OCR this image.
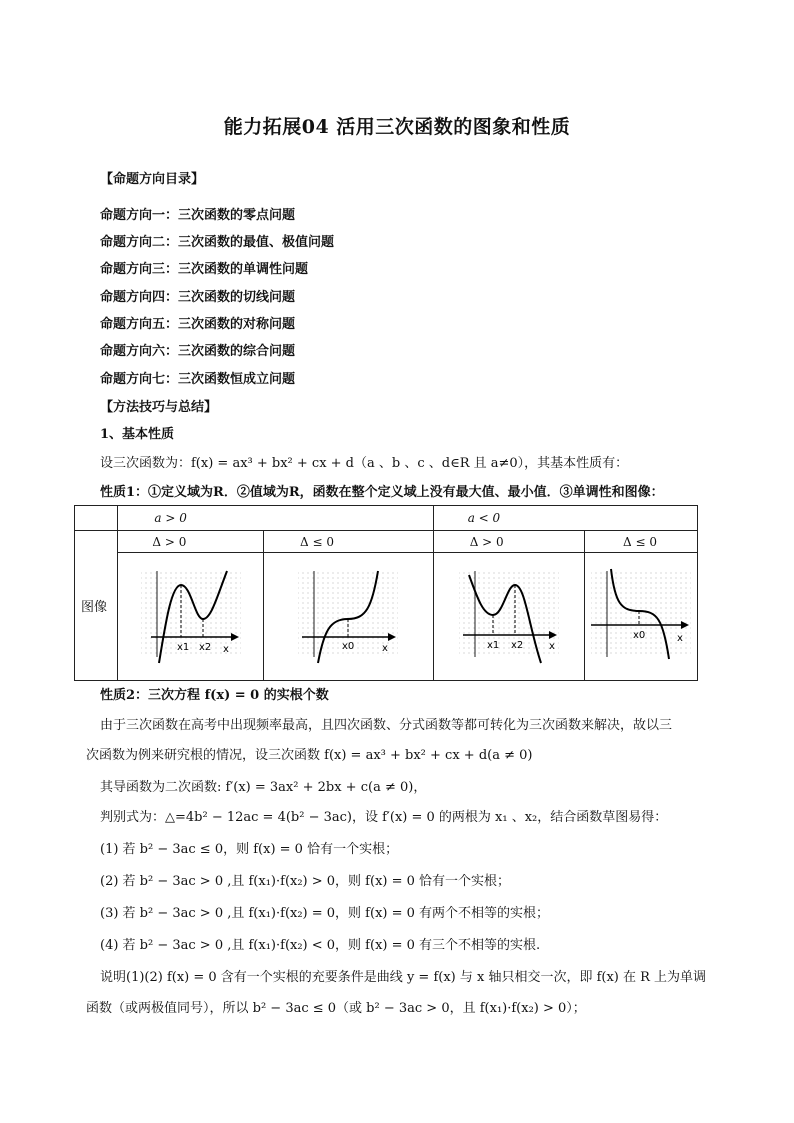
能力拓展04 活用三次函数的图象和性质
【命题方向目录】
命题方向一：三次函数的零点问题
命题方向二：三次函数的最值、极值问题
命题方向三：三次函数的单调性问题
命题方向四：三次函数的切线问题
命题方向五：三次函数的对称问题
命题方向六：三次函数的综合问题
命题方向七：三次函数恒成立问题
【方法技巧与总结】
1、基本性质
设三次函数为：f(x) = ax³ + bx² + cx + d（a 、b 、c 、d∈R 且 a≠0），其基本性质有：
性质1：①定义域为R．②值域为R，函数在整个定义域上没有最大值、最小值．③单调性和图像：
	a > 0		a < 0	
图像	Δ > 0	Δ ≤ 0	Δ > 0	Δ ≤ 0

x1 x2 x	x0 x	x1 x2 x	x0 x
性质2：三次方程 f(x) = 0 的实根个数
由于三次函数在高考中出现频率最高，且四次函数、分式函数等都可转化为三次函数来解决，故以三
次函数为例来研究根的情况，设三次函数 f(x) = ax³ + bx² + cx + d(a ≠ 0)
其导函数为二次函数: f′(x) = 3ax² + 2bx + c(a ≠ 0)，
判别式为：△=4b² − 12ac = 4(b² − 3ac)，设 f′(x) = 0 的两根为 x₁ 、x₂，结合函数草图易得：
(1) 若 b² − 3ac ≤ 0，则 f(x) = 0 恰有一个实根；
(2) 若 b² − 3ac > 0 ,且 f(x₁)·f(x₂) > 0，则 f(x) = 0 恰有一个实根；
(3) 若 b² − 3ac > 0 ,且 f(x₁)·f(x₂) = 0，则 f(x) = 0 有两个不相等的实根；
(4) 若 b² − 3ac > 0 ,且 f(x₁)·f(x₂) < 0，则 f(x) = 0 有三个不相等的实根.
说明(1)(2) f(x) = 0 含有一个实根的充要条件是曲线 y = f(x) 与 x 轴只相交一次，即 f(x) 在 R 上为单调
函数（或两极值同号），所以 b² − 3ac ≤ 0（或 b² − 3ac > 0，且 f(x₁)·f(x₂) > 0）；
